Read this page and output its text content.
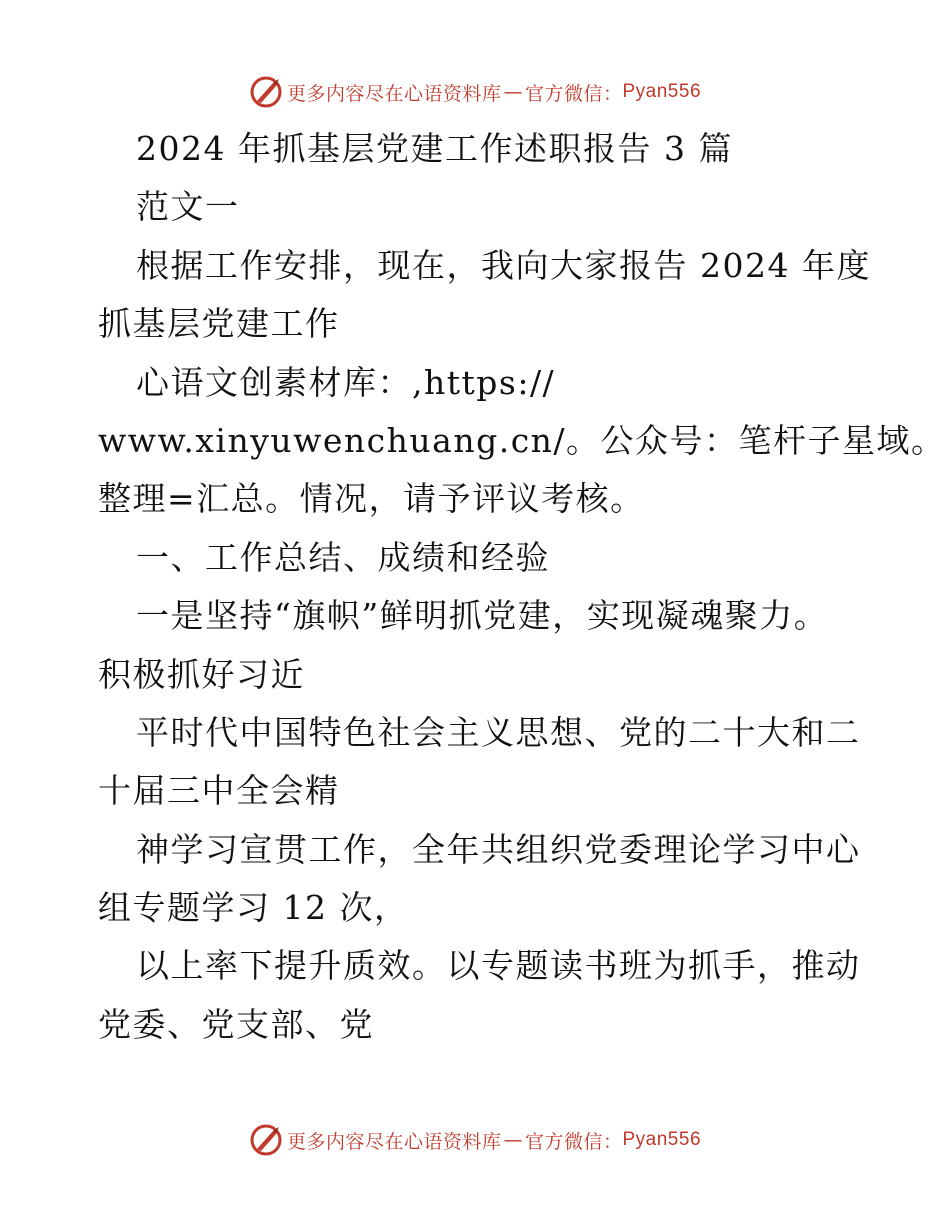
更多内容尽在心语资料库 — 官方微信： Pyan556
2024 年抓基层党建工作述职报告 3 篇
范文一
根据工作安排，现在，我向大家报告 2024 年度
抓基层党建工作
心语文创素材库：,https://
www.xinyuwenchuang.cn/。公众号：笔杆子星域。
整理=汇总。情况，请予评议考核。
一、工作总结、成绩和经验
一是坚持“旗帜”鲜明抓党建，实现凝魂聚力。
积极抓好习近
平时代中国特色社会主义思想、党的二十大和二
十届三中全会精
神学习宣贯工作，全年共组织党委理论学习中心
组专题学习 12 次，
以上率下提升质效。以专题读书班为抓手，推动
党委、党支部、党
更多内容尽在心语资料库 — 官方微信： Pyan556
